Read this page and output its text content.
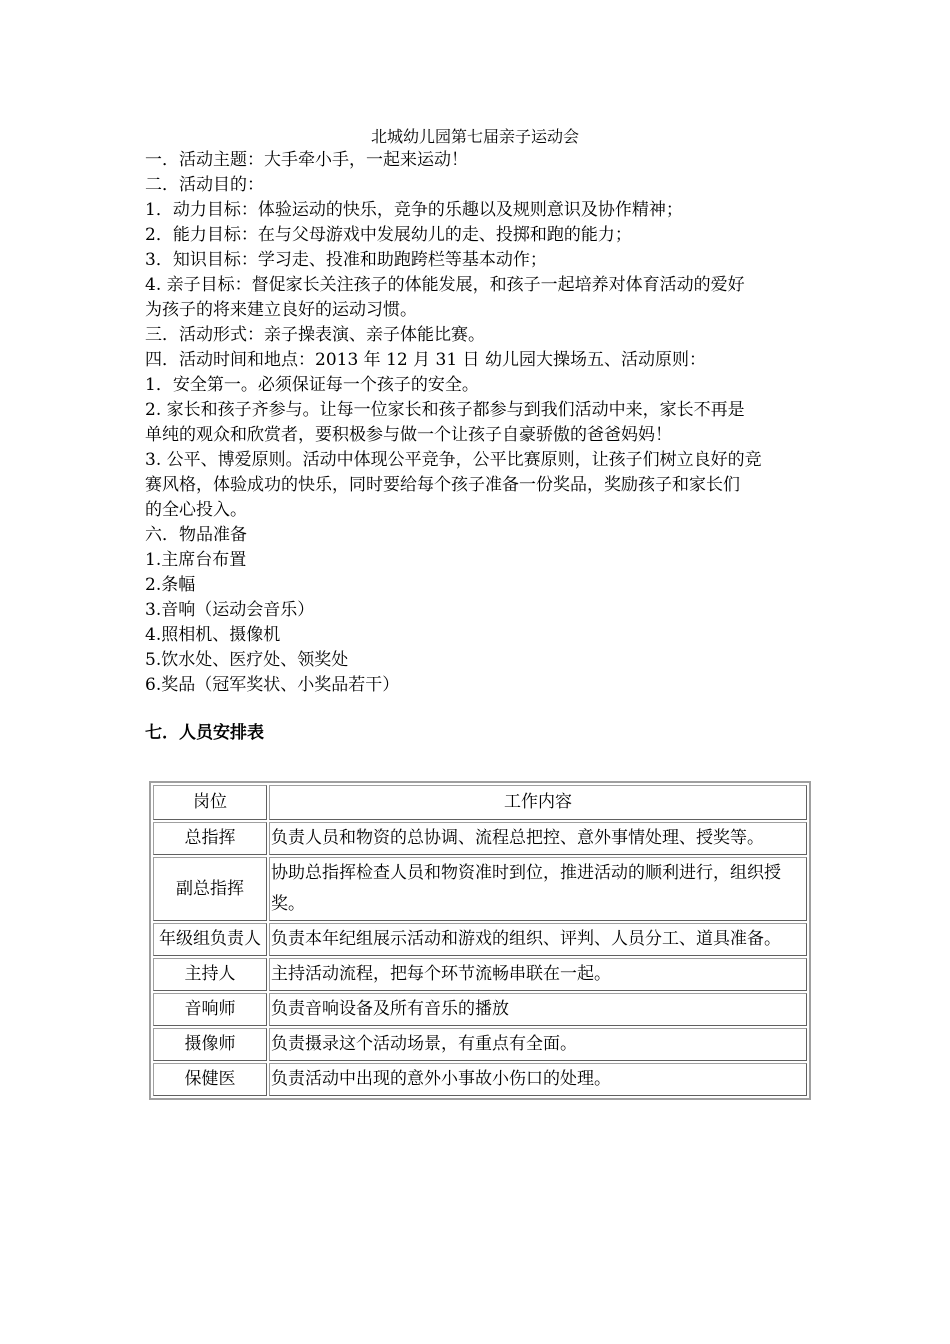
北城幼儿园第七届亲子运动会
一．活动主题：大手牵小手，一起来运动！
二．活动目的：
1．动力目标：体验运动的快乐，竞争的乐趣以及规则意识及协作精神；
2．能力目标：在与父母游戏中发展幼儿的走、投掷和跑的能力；
3．知识目标：学习走、投准和助跑跨栏等基本动作；
4. 亲子目标：督促家长关注孩子的体能发展，和孩子一起培养对体育活动的爱好
为孩子的将来建立良好的运动习惯。
三．活动形式：亲子操表演、亲子体能比赛。
四．活动时间和地点：2013 年 12 月 31 日 幼儿园大操场五、活动原则：
1．安全第一。必须保证每一个孩子的安全。
2. 家长和孩子齐参与。让每一位家长和孩子都参与到我们活动中来，家长不再是
单纯的观众和欣赏者，要积极参与做一个让孩子自豪骄傲的爸爸妈妈！
3. 公平、博爱原则。活动中体现公平竞争，公平比赛原则，让孩子们树立良好的竞
赛风格，体验成功的快乐，同时要给每个孩子准备一份奖品，奖励孩子和家长们
的全心投入。
六．物品准备
1.主席台布置
2.条幅
3.音响（运动会音乐）
4.照相机、摄像机
5.饮水处、医疗处、领奖处
6.奖品（冠军奖状、小奖品若干）
七．人员安排表
岗位	工作内容
总指挥	负责人员和物资的总协调、流程总把控、意外事情处理、授奖等。
副总指挥	协助总指挥检查人员和物资准时到位，推进活动的顺利进行，组织授奖。
年级组负责人	负责本年纪组展示活动和游戏的组织、评判、人员分工、道具准备。
主持人	主持活动流程，把每个环节流畅串联在一起。
音响师	负责音响设备及所有音乐的播放
摄像师	负责摄录这个活动场景，有重点有全面。
保健医	负责活动中出现的意外小事故小伤口的处理。
